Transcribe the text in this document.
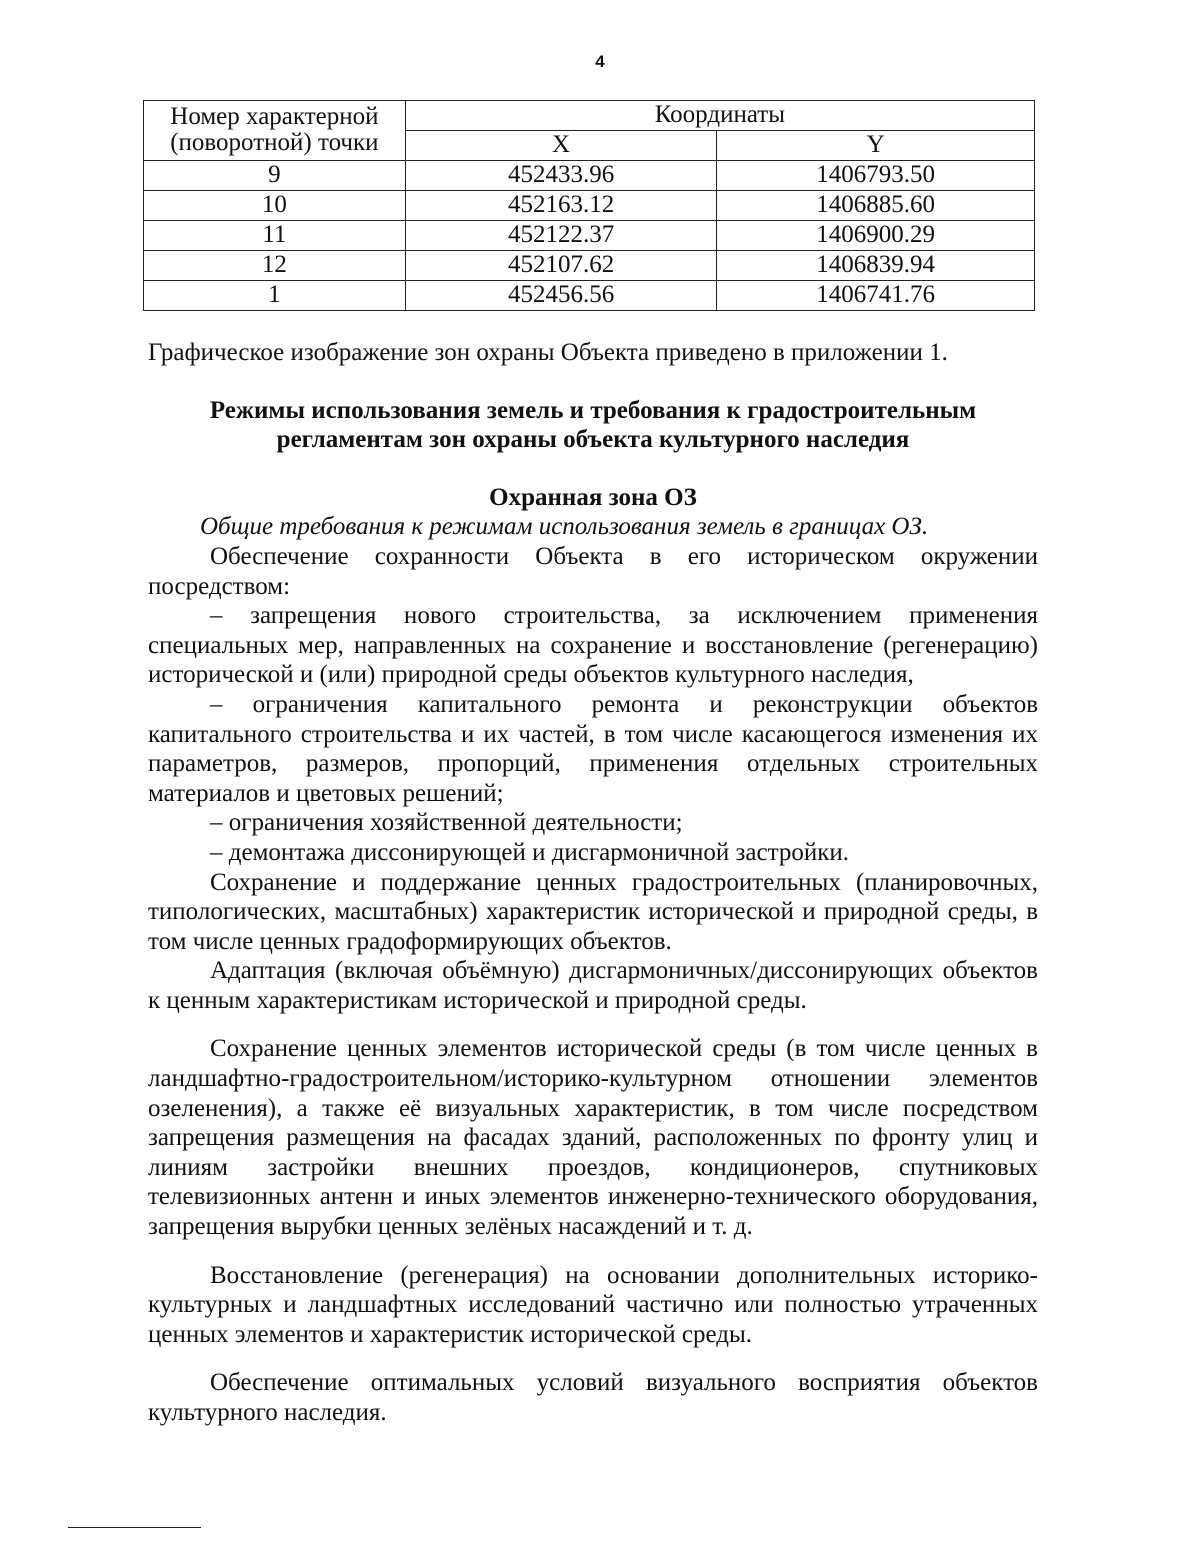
4
Номер характерной
(поворотной) точки	Координаты	
	X	Y
9	452433.96	1406793.50
10	452163.12	1406885.60
11	452122.37	1406900.29
12	452107.62	1406839.94
1	452456.56	1406741.76

Графическое изображение зон охраны Объекта приведено в приложении 1.

Режимы использования земель и требования к градостроительным

регламентам зон охраны объекта культурного наследия

Охранная зона ОЗ

Общие требования к режимам использования земель в границах ОЗ.

Обеспечение сохранности Объекта в его историческом окружении посредством:

– запрещения нового строительства, за исключением применения специальных мер, направленных на сохранение и восстановление (регенерацию) исторической и (или) природной среды объектов культурного наследия,

– ограничения капитального ремонта и реконструкции объектов капитального строительства и их частей, в том числе касающегося изменения их параметров, размеров, пропорций, применения отдельных строительных материалов и цветовых решений;

– ограничения хозяйственной деятельности;

– демонтажа диссонирующей и дисгармоничной застройки.

Сохранение и поддержание ценных градостроительных (планировочных, типологических, масштабных) характеристик исторической и природной среды, в том числе ценных градоформирующих объектов.

Адаптация (включая объёмную) дисгармоничных/диссонирующих объектов к ценным характеристикам исторической и природной среды.

Сохранение ценных элементов исторической среды (в том числе ценных в ландшафтно-градостроительном/историко-культурном отношении элементов озеленения), а также её визуальных характеристик, в том числе посредством запрещения размещения на фасадах зданий, расположенных по фронту улиц и линиям застройки внешних проездов, кондиционеров, спутниковых телевизионных антенн и иных элементов инженерно-технического оборудования, запрещения вырубки ценных зелёных насаждений и т. д.

Восстановление (регенерация) на основании дополнительных историко-культурных и ландшафтных исследований частично или полностью утраченных ценных элементов и характеристик исторической среды.

Обеспечение оптимальных условий визуального восприятия объектов культурного наследия.
